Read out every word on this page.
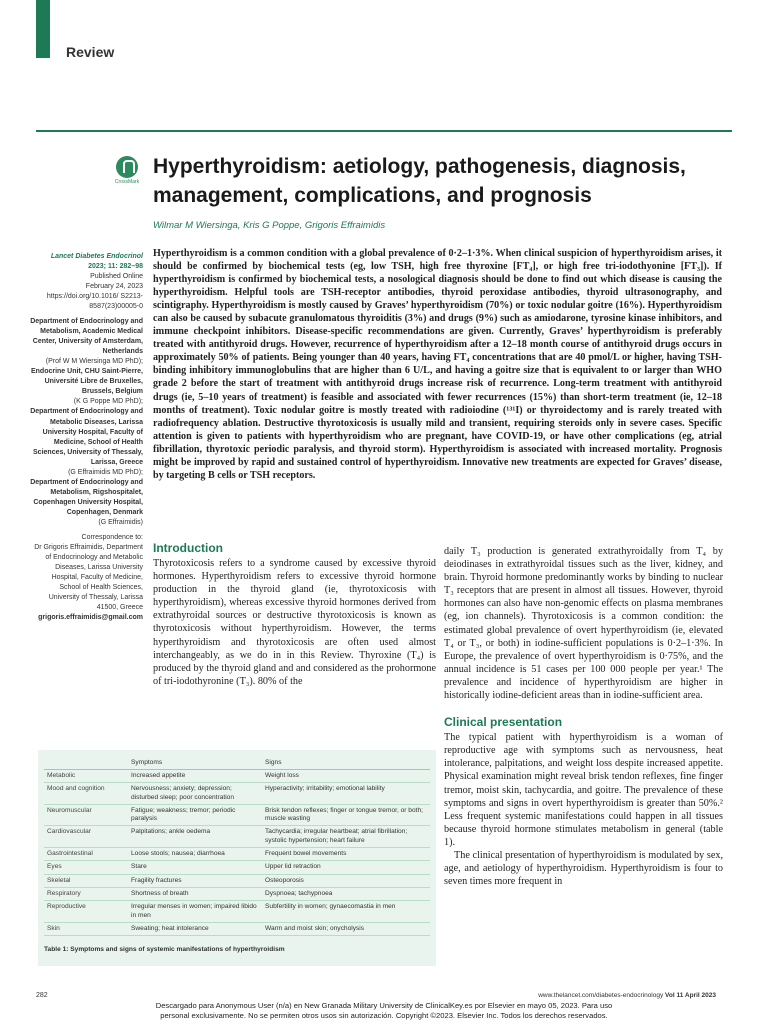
Review
CrossMark
Hyperthyroidism: aetiology, pathogenesis, diagnosis, management, complications, and prognosis
Wilmar M Wiersinga, Kris G Poppe, Grigoris Effraimidis
Lancet Diabetes Endocrinol
2023; 11: 282–98
Published Online
February 24, 2023
https://doi.org/10.1016/ S2213-8587(23)00005-0
Department of Endocrinology and Metabolism, Academic Medical Center, University of Amsterdam, Netherlands
(Prof W M Wiersinga MD PhD);
Endocrine Unit, CHU Saint-Pierre, Université Libre de Bruxelles, Brussels, Belgium
(K G Poppe MD PhD);
Department of Endocrinology and Metabolic Diseases, Larissa University Hospital, Faculty of Medicine, School of Health Sciences, University of Thessaly, Larissa, Greece
(G Effraimidis MD PhD);
Department of Endocrinology and Metabolism, Rigshospitalet, Copenhagen University Hospital, Copenhagen, Denmark
(G Effraimidis)
Correspondence to:
Dr Grigoris Effraimidis, Department of Endocrinology and Metabolic Diseases, Larissa University Hospital, Faculty of Medicine, School of Health Sciences, University of Thessaly, Larissa 41500, Greece
grigoris.effraimidis@gmail.com

Hyperthyroidism is a common condition with a global prevalence of 0·2–1·3%. When clinical suspicion of hyperthyroidism arises, it should be confirmed by biochemical tests (eg, low TSH, high free thyroxine [FT₄], or high free tri-iodothyonine [FT₃]). If hyperthyroidism is confirmed by biochemical tests, a nosological diagnosis should be done to find out which disease is causing the hyperthyroidism. Helpful tools are TSH-receptor antibodies, thyroid peroxidase antibodies, thyroid ultrasonography, and scintigraphy. Hyperthyroidism is mostly caused by Graves’ hyperthyroidism (70%) or toxic nodular goitre (16%). Hyperthyroidism can also be caused by subacute granulomatous thyroiditis (3%) and drugs (9%) such as amiodarone, tyrosine kinase inhibitors, and immune checkpoint inhibitors. Disease-specific recommendations are given. Currently, Graves’ hyperthyroidism is preferably treated with antithyroid drugs. However, recurrence of hyperthyroidism after a 12–18 month course of antithyroid drugs occurs in approximately 50% of patients. Being younger than 40 years, having FT₄ concentrations that are 40 pmol/L or higher, having TSH-binding inhibitory immunoglobulins that are higher than 6 U/L, and having a goitre size that is equivalent to or larger than WHO grade 2 before the start of treatment with antithyroid drugs increase risk of recurrence. Long-term treatment with antithyroid drugs (ie, 5–10 years of treatment) is feasible and associated with fewer recurrences (15%) than short-term treatment (ie, 12–18 months of treatment). Toxic nodular goitre is mostly treated with radioiodine (¹³¹I) or thyroidectomy and is rarely treated with radiofrequency ablation. Destructive thyrotoxicosis is usually mild and transient, requiring steroids only in severe cases. Specific attention is given to patients with hyperthyroidism who are pregnant, have COVID-19, or have other complications (eg, atrial fibrillation, thyrotoxic periodic paralysis, and thyroid storm). Hyperthyroidism is associated with increased mortality. Prognosis might be improved by rapid and sustained control of hyperthyroidism. Innovative new treatments are expected for Graves’ disease, by targeting B cells or TSH receptors.

Introduction

Thyrotoxicosis refers to a syndrome caused by excessive thyroid hormones. Hyperthyroidism refers to excessive thyroid hormone production in the thyroid gland (ie, thyrotoxicosis with hyperthyroidism), whereas excessive thyroid hormones derived from extrathyroidal sources or destructive thyrotoxicosis is known as thyrotoxicosis without hyperthyroidism. However, the terms hyperthyroidism and thyrotoxicosis are often used almost interchangeably, as we do in in this Review. Thyroxine (T₄) is produced by the thyroid gland and and considered as the prohormone of tri-iodothyronine (T₃). 80% of the

daily T₃ production is generated extrathyroidally from T₄ by deiodinases in extrathyroidal tissues such as the liver, kidney, and brain. Thyroid hormone predominantly works by binding to nuclear T₃ receptors that are present in almost all tissues. However, thyroid hormones can also have non-genomic effects on plasma membranes (eg, ion channels). Thyrotoxicosis is a common condition: the estimated global prevalence of overt hyperthyroidism (ie, elevated T₄ or T₃, or both) in iodine-sufficient populations is 0·2–1·3%. In Europe, the prevalence of overt hyperthyroidism is 0·75%, and the annual incidence is 51 cases per 100 000 people per year.¹ The prevalence and incidence of hyperthyroidism are higher in historically iodine-deficient areas than in iodine-sufficient area.

Clinical presentation

The typical patient with hyperthyroidism is a woman of reproductive age with symptoms such as nervousness, heat intolerance, palpitations, and weight loss despite increased appetite. Physical examination might reveal brisk tendon reflexes, fine finger tremor, moist skin, tachycardia, and goitre. The prevalence of these symptoms and signs in overt hyperthyroidism is greater than 50%.² Less frequent systemic manifestations could happen in all tissues because thyroid hormone stimulates metabolism in general (table 1).

The clinical presentation of hyperthyroidism is modulated by sex, age, and aetiology of hyperthyroidism. Hyperthyroidism is four to seven times more frequent in

	Symptoms	Signs
Metabolic	Increased appetite	Weight loss
Mood and cognition	Nervousness; anxiety; depression; disturbed sleep; poor concentration	Hyperactivity; irritability; emotional lability
Neuromuscular	Fatigue; weakness; tremor; periodic paralysis	Brisk tendon reflexes; finger or tongue tremor, or both; muscle wasting
Cardiovascular	Palpitations; ankle oedema	Tachycardia; irregular heartbeat; atrial fibrillation; systolic hypertension; heart failure
Gastrointestinal	Loose stools; nausea; diarrhoea	Frequent bowel movements
Eyes	Stare	Upper lid retraction
Skeletal	Fragility fractures	Osteoporosis
Respiratory	Shortness of breath	Dyspnoea; tachypnoea
Reproductive	Irregular menses in women; impaired libido in men	Subfertility in women; gynaecomastia in men
Skin	Sweating; heat intolerance	Warm and moist skin; onycholysis
Table 1: Symptoms and signs of systemic manifestations of hyperthyroidism
282	www.thelancet.com/diabetes-endocrinology Vol 11 April 2023
Descargado para Anonymous User (n/a) en New Granada Military University de ClinicalKey.es por Elsevier en mayo 05, 2023. Para uso
personal exclusivamente. No se permiten otros usos sin autorización. Copyright ©2023. Elsevier Inc. Todos los derechos reservados.
